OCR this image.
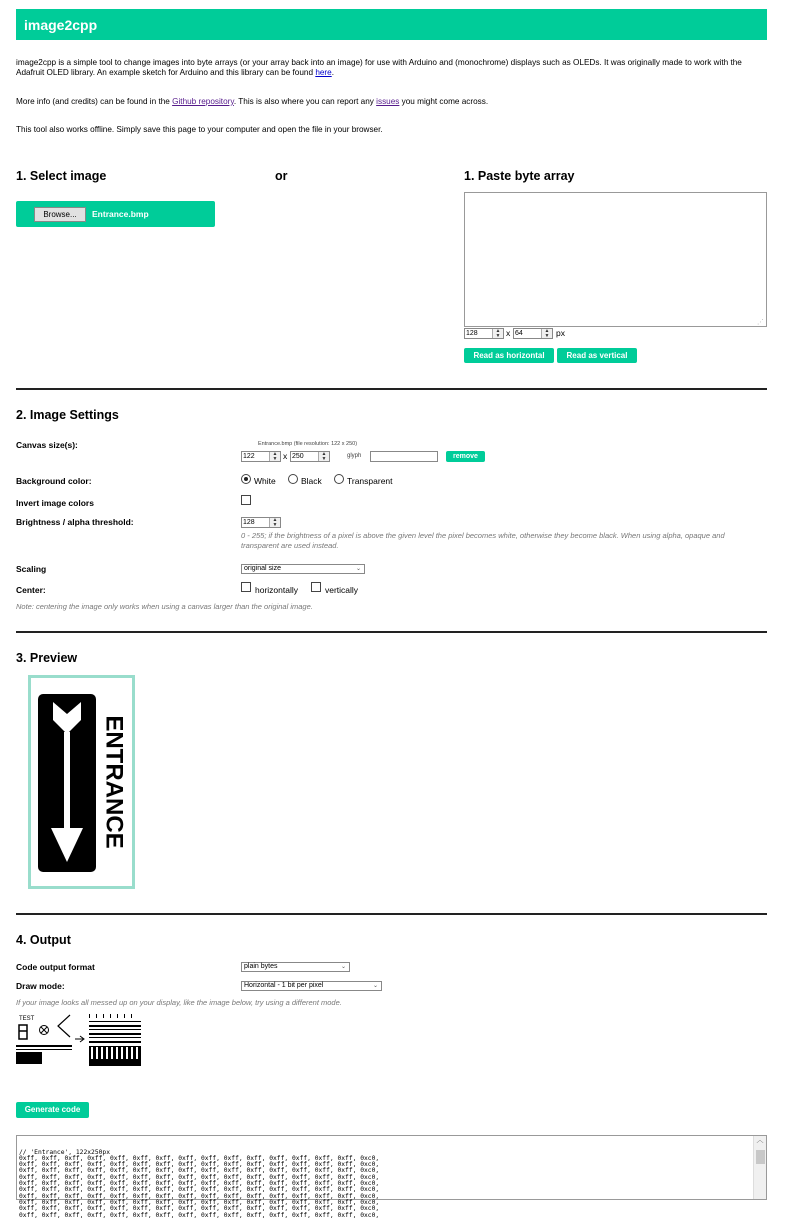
image2cpp
image2cpp is a simple tool to change images into byte arrays (or your array back into an image) for use with Arduino and (monochrome) displays such as OLEDs. It was originally made to work with the Adafruit OLED library. An example sketch for Arduino and this library can be found here.
More info (and credits) can be found in the Github repository. This is also where you can report any issues you might come across.
This tool also works offline. Simply save this page to your computer and open the file in your browser.
1. Select image	or
Browse...	Entrance.bmp
1. Paste byte array
⋰
128	▲
▼ x 64	▲
▼ px
Read as horizontal	Read as vertical
2. Image Settings
Canvas size(s):	Entrance.bmp (file resolution: 122 x 250)
122	▲
▼ x 250	▲
▼	glyph	remove
Background color:	White	Black	Transparent
Invert image colors
Brightness / alpha threshold:	128	▲
▼
0 - 255; if the brightness of a pixel is above the given level the pixel becomes white, otherwise they become black. When using alpha, opaque and transparent are used instead.
Scaling	original size	⌄
Center:	horizontally	vertically
Note: centering the image only works when using a canvas larger than the original image.
3. Preview
ENTRANCE
4. Output
Code output format	plain bytes	⌄
Draw mode:	Horizontal - 1 bit per pixel	⌄
If your image looks all messed up on your display, like the image below, try using a different mode.
TEST
Generate code

// 'Entrance', 122x250px
0xff, 0xff, 0xff, 0xff, 0xff, 0xff, 0xff, 0xff, 0xff, 0xff, 0xff, 0xff, 0xff, 0xff, 0xff, 0xc0,
0xff, 0xff, 0xff, 0xff, 0xff, 0xff, 0xff, 0xff, 0xff, 0xff, 0xff, 0xff, 0xff, 0xff, 0xff, 0xc0,
0xff, 0xff, 0xff, 0xff, 0xff, 0xff, 0xff, 0xff, 0xff, 0xff, 0xff, 0xff, 0xff, 0xff, 0xff, 0xc0,
0xff, 0xff, 0xff, 0xff, 0xff, 0xff, 0xff, 0xff, 0xff, 0xff, 0xff, 0xff, 0xff, 0xff, 0xff, 0xc0,
0xff, 0xff, 0xff, 0xff, 0xff, 0xff, 0xff, 0xff, 0xff, 0xff, 0xff, 0xff, 0xff, 0xff, 0xff, 0xc0,
0xff, 0xff, 0xff, 0xff, 0xff, 0xff, 0xff, 0xff, 0xff, 0xff, 0xff, 0xff, 0xff, 0xff, 0xff, 0xc0,
0xff, 0xff, 0xff, 0xff, 0xff, 0xff, 0xff, 0xff, 0xff, 0xff, 0xff, 0xff, 0xff, 0xff, 0xff, 0xc0,
0xff, 0xff, 0xff, 0xff, 0xff, 0xff, 0xff, 0xff, 0xff, 0xff, 0xff, 0xff, 0xff, 0xff, 0xff, 0xc0,
0xff, 0xff, 0xff, 0xff, 0xff, 0xff, 0xff, 0xff, 0xff, 0xff, 0xff, 0xff, 0xff, 0xff, 0xff, 0xc0,
0xff, 0xff, 0xff, 0xff, 0xff, 0xff, 0xff, 0xff, 0xff, 0xff, 0xff, 0xff, 0xff, 0xff, 0xff, 0xc0,

︿
